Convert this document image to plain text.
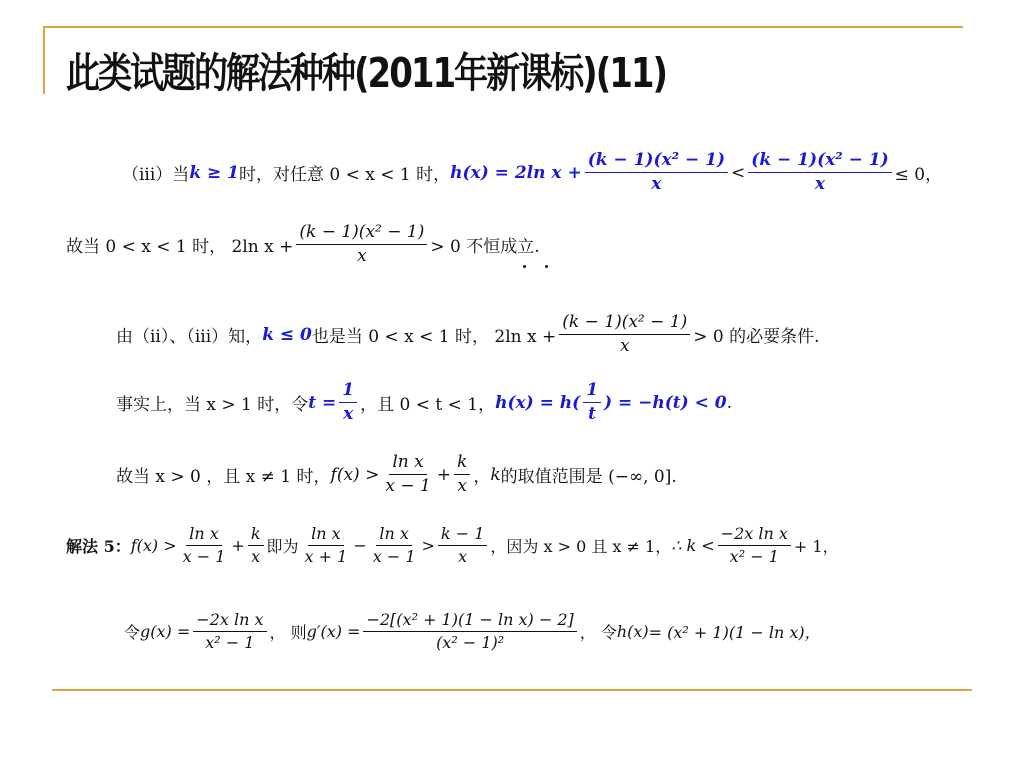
此类试题的解法种种(2011年新课标)(11)
（iii）当 k ≥ 1 时，对任意 0 < x < 1 时， h(x) = 2ln $x + \frac{\text{(k − 1)(x² − 1)}}{x} < \frac{\text{(k − 1)(x² − 1)}}{x} \le 0$，
故当 0 < x < 1 时， 2ln $x + \frac{\text{(k − 1)(x² − 1)}}{x} > 0$ 不恒成立.
由（ii）、（iii）知， k ≤ 0 也是当 0 < x < 1 时， 2ln $x + \frac{\text{(k − 1)(x² − 1)}}{x} > 0$ 的必要条件.
事实上，当 x > 1 时，令 $t = \frac{1}{x}$ ，且 0 < t < 1， $h(x) = h( \frac{1}{t}$ ) = −h(t) < 0 .
故当 x > 0 ，且 x ≠ 1 时， $f(x) > \frac{\text{ln x}}{x - 1} + \frac{k}{x}$ ， k 的取值范围是 (−∞, 0].
解法 5： $f(x) > \frac{\text{ln x}}{x - 1} + \frac{k}{x}$ 即为 $\frac{\text{ln x}}{x + 1} - \frac{\text{ln x}}{x - 1} > \frac{k - 1}{x}$ ，因为 x > 0 且 x ≠ 1， ∴ $k < \frac{\text{−2x ln x}}{\text{x² − 1}} + 1$，
令 $g(x) = \frac{\text{−2x ln x}}{\text{x² − 1}}$ ， 则 $g'(x) = \frac{\text{−2[(x² + 1)(1 − ln x) − 2]}}{\text{(x² − 1)²}}$ ， 令 h(x) = (x² + 1)(1 − ln x)，
